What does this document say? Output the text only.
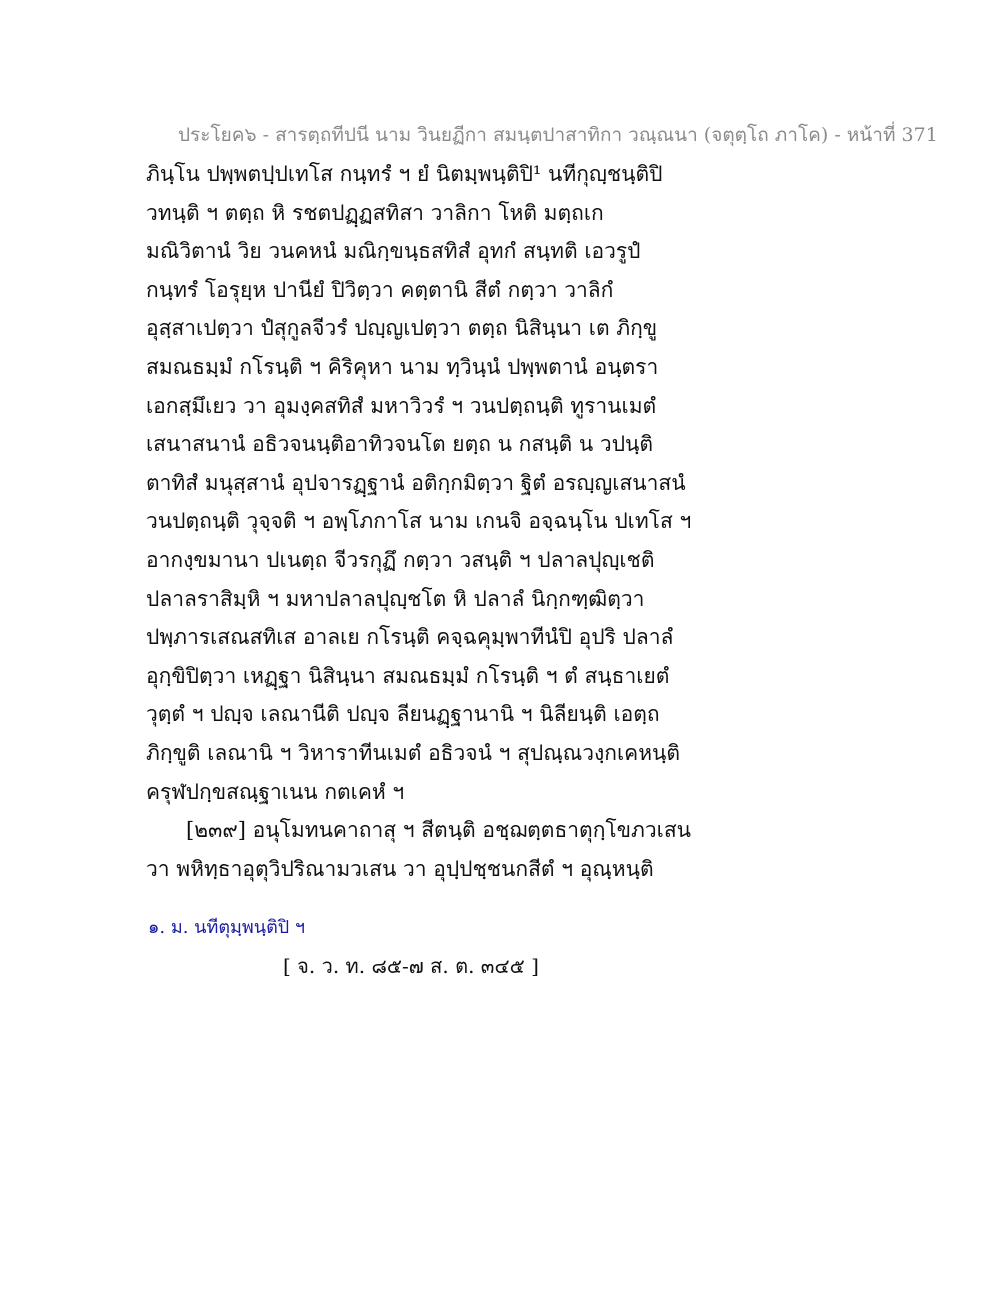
ประโยค๖ - สารตฺถทีปนี นาม วินยฏีกา สมนฺตปาสาทิกา วณฺณนา (จตุตฺโถ ภาโค) - หน้าที่ 371
ภินฺโน ปพฺพตปฺปเทโส กนฺทรํ ฯ ยํ นิตมฺพนฺติปิ¹ นทีกุญฺชนฺติปิ
วทนฺติ ฯ ตตฺถ หิ รชตปฏฺฏสทิสา วาลิกา โหติ มตฺถเก
มณิวิตานํ วิย วนคหนํ มณิกฺขนฺธสทิสํ อุทกํ สนฺทติ เอวรูปํ
กนฺทรํ โอรุยฺห ปานียํ ปิวิตฺวา คตฺตานิ สีตํ กตฺวา วาลิกํ
อุสฺสาเปตฺวา ปํสุกูลจีวรํ ปญฺญเปตฺวา ตตฺถ นิสินฺนา เต ภิกฺขู
สมณธมฺมํ กโรนฺติ ฯ คิริคุหา นาม ทฺวินฺนํ ปพฺพตานํ อนฺตรา
เอกสฺมึเยว วา อุมงฺคสทิสํ มหาวิวรํ ฯ วนปตฺถนฺติ ทูรานเมตํ
เสนาสนานํ อธิวจนนฺติอาทิวจนโต ยตฺถ น กสนฺติ น วปนฺติ
ตาทิสํ มนุสฺสานํ อุปจารฏฺฐานํ อติกฺกมิตฺวา ฐิตํ อรญฺญเสนาสนํ
วนปตฺถนฺติ วุจฺจติ ฯ อพฺโภกาโส นาม เกนจิ อจฺฉนฺโน ปเทโส ฯ
อากงฺขมานา ปเนตฺถ จีวรกุฏึ กตฺวา วสนฺติ ฯ ปลาลปุญฺเชติ
ปลาลราสิมฺหิ ฯ มหาปลาลปุญฺชโต หิ ปลาลํ นิกฺกฑฺฒิตฺวา
ปพฺภารเสณสทิเส อาลเย กโรนฺติ คจฺฉคุมฺพาทีนํปิ อุปริ ปลาลํ
อุกฺขิปิตฺวา เหฏฺฐา นิสินฺนา สมณธมฺมํ กโรนฺติ ฯ ตํ สนฺธาเยตํ
วุตฺตํ ฯ ปญฺจ เลณานีติ ปญฺจ ลียนฏฺฐานานิ ฯ นิลียนฺติ เอตฺถ
ภิกฺขูติ เลณานิ ฯ วิหาราทีนเมตํ อธิวจนํ ฯ สุปณฺณวงฺกเคหนฺติ
ครุฬปกฺขสณฺฐาเนน กตเคหํ ฯ
[๒๓๙] อนุโมทนคาถาสุ ฯ สีตนฺติ อชฺฌตฺตธาตุกฺโขภวเสน
วา พหิทฺธาอุตุวิปริณามวเสน วา อุปฺปชฺชนกสีตํ ฯ อุณฺหนฺติ
๑. ม. นทีตุมฺพนฺติปิ ฯ
[ จ. ว. ท. ๘๕-๗ ส. ต. ๓๔๕ ]
